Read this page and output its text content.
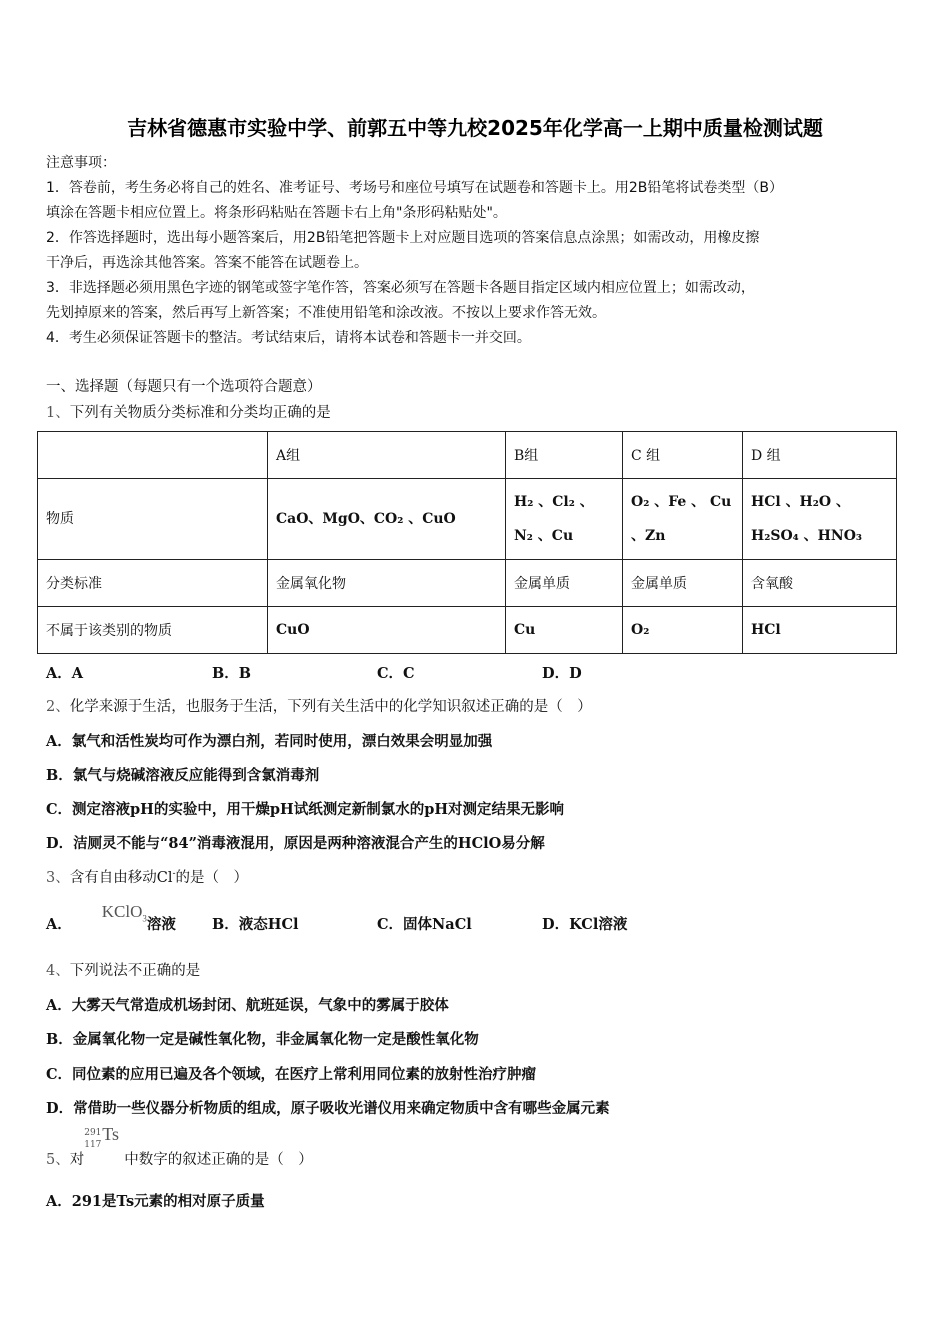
吉林省德惠市实验中学、前郭五中等九校2025年化学高一上期中质量检测试题
注意事项：
1．答卷前，考生务必将自己的姓名、准考证号、考场号和座位号填写在试题卷和答题卡上。用2B铅笔将试卷类型（B）
填涂在答题卡相应位置上。将条形码粘贴在答题卡右上角"条形码粘贴处"。
2．作答选择题时，选出每小题答案后，用2B铅笔把答题卡上对应题目选项的答案信息点涂黑；如需改动，用橡皮擦
干净后，再选涂其他答案。答案不能答在试题卷上。
3．非选择题必须用黑色字迹的钢笔或签字笔作答，答案必须写在答题卡各题目指定区域内相应位置上；如需改动，
先划掉原来的答案，然后再写上新答案；不准使用铅笔和涂改液。不按以上要求作答无效。
4．考生必须保证答题卡的整洁。考试结束后，请将本试卷和答题卡一并交回。
一、选择题（每题只有一个选项符合题意）
1、下列有关物质分类标准和分类均正确的是
	A组	B组	C 组	D 组
物质	CaO、MgO、CO₂ 、CuO	H₂ 、Cl₂ 、 N₂ 、Cu	O₂ 、Fe 、 Cu 、Zn	HCl 、H₂O 、 H₂SO₄ 、HNO₃
分类标准	金属氧化物	金属单质	金属单质	含氧酸
不属于该类别的物质	CuO	Cu	O₂	HCl
A．A	B．B	C．C	D．D
2、化学来源于生活，也服务于生活，下列有关生活中的化学知识叙述正确的是（　）
A．氯气和活性炭均可作为漂白剂，若同时使用，漂白效果会明显加强
B．氯气与烧碱溶液反应能得到含氯消毒剂
C．测定溶液pH的实验中，用干燥pH试纸测定新制氯水的pH对测定结果无影响
D．洁厕灵不能与“84”消毒液混用，原因是两种溶液混合产生的HClO易分解
3、含有自由移动Cl-的是（　）
A．KClO$_3$溶液 B．液态HCl	C．固体NaCl	D．KCl溶液
4、下列说法不正确的是
A．大雾天气常造成机场封闭、航班延误，气象中的雾属于胶体
B．金属氧化物一定是碱性氧化物，非金属氧化物一定是酸性氧化物
C．同位素的应用已遍及各个领域，在医疗上常利用同位素的放射性治疗肿瘤
D．常借助一些仪器分析物质的组成，原子吸收光谱仪用来确定物质中含有哪些金属元素
5、对
291
117
Ts
中数字的叙述正确的是（　）
A．291是Ts元素的相对原子质量
